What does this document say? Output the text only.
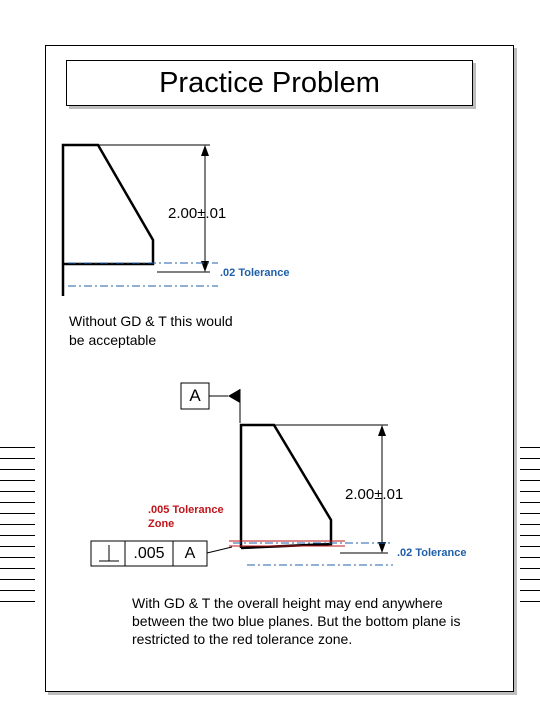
Practice Problem
2.00±.01
.02 Tolerance
Without GD & T this would be acceptable
A
2.00±.01
.005 Tolerance Zone
.02 Tolerance
.005	A
With GD & T the overall height may end anywhere between the two blue planes. But the bottom plane is restricted to the red tolerance zone.
